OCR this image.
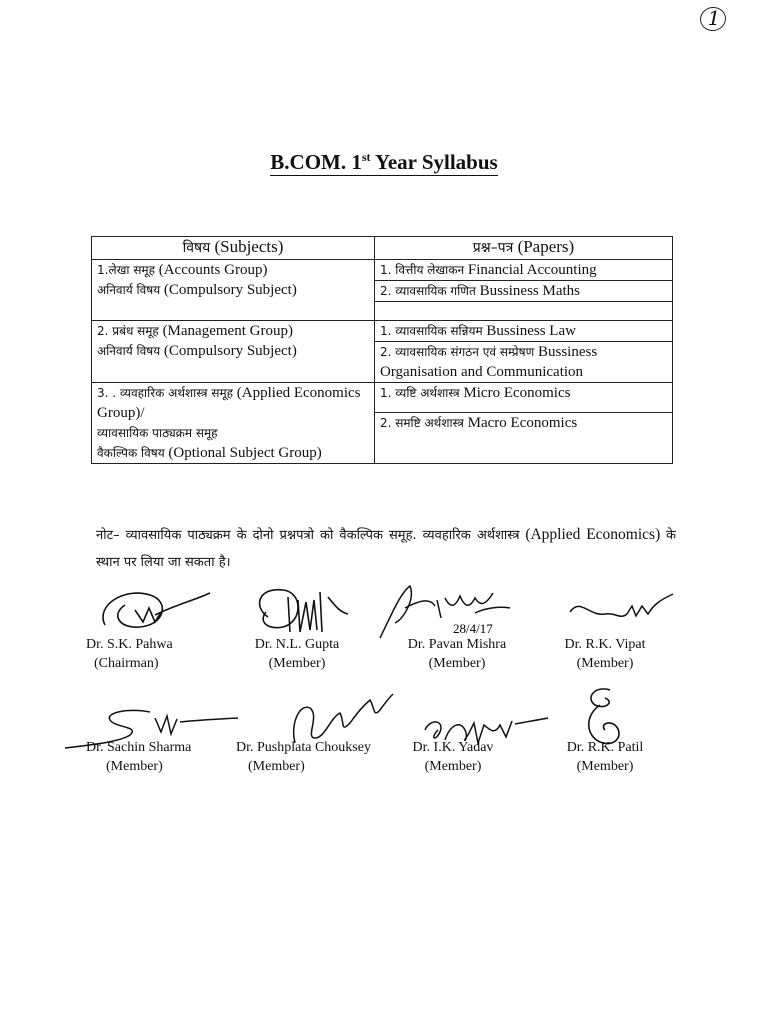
1
B.COM. 1st Year Syllabus
विषय (Subjects)	प्रश्न–पत्र (Papers)

1.लेखा समूह (Accounts Group)
अनिवार्य विषय (Compulsory Subject)	1. वित्तीय लेखाकन Financial Accounting
	2. व्यावसायिक गणित Bussiness Maths

2. प्रबंध समूह (Management Group)
अनिवार्य विषय (Compulsory Subject)	1. व्यावसायिक सन्नियम Bussiness Law
	2. व्यावसायिक संगठन एवं सम्प्रेषण Bussiness Organisation and Communication

3. . व्यवहारिक अर्थशास्त्र समूह (Applied Economics Group)/
व्यावसायिक पाठ्यक्रम समूह
वैकल्पिक विषय (Optional Subject Group)	1. व्यष्टि अर्थशास्त्र Micro Economics
	2. समष्टि अर्थशास्त्र Macro Economics
नोट– व्यावसायिक पाठ्यक्रम के दोनो प्रश्नपत्रो को वैकल्पिक समूह. व्यवहारिक अर्थशास्त्र (Applied Economics) के स्थान पर लिया जा सकता है।
28/4/17
Dr. S.K. Pahwa
(Chairman)
Dr. N.L. Gupta
(Member)
Dr. Pavan Mishra
(Member)
Dr. R.K. Vipat
(Member)
Dr. Sachin Sharma
(Member)
Dr. Pushplata Chouksey
(Member)
Dr. I.K. Yadav
(Member)
Dr. R.K. Patil
(Member)
